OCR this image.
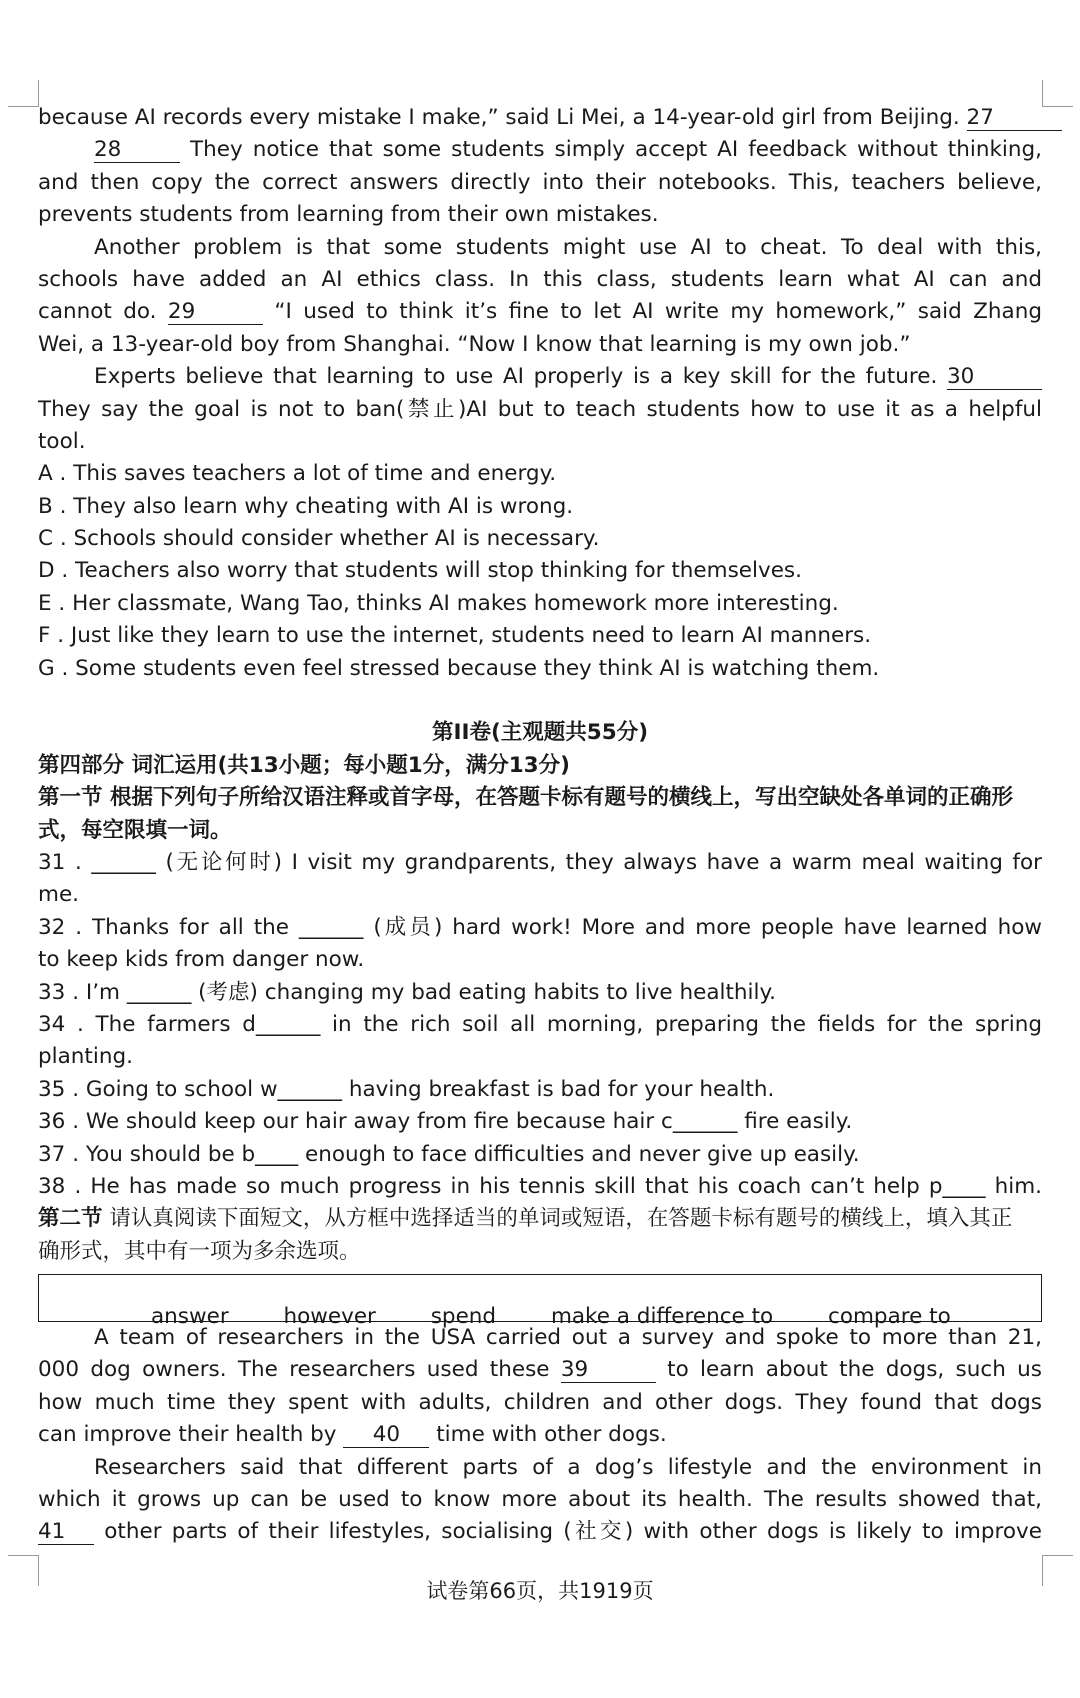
because AI records every mistake I make,” said Li Mei, a 14-year-old girl from Beijing. 27
28	They notice that some students simply accept AI feedback without thinking,
and then copy the correct answers directly into their notebooks. This, teachers believe,
prevents students from learning from their own mistakes.
Another problem is that some students might use AI to cheat. To deal with this,
schools have added an AI ethics class. In this class, students learn what AI can and
cannot do. 29	“I used to think it’s fine to let AI write my homework,” said Zhang
Wei, a 13-year-old boy from Shanghai. “Now I know that learning is my own job.”
Experts believe that learning to use AI properly is a key skill for the future. 30
They say the goal is not to ban(禁止)AI but to teach students how to use it as a helpful
tool.
A . This saves teachers a lot of time and energy.
B . They also learn why cheating with AI is wrong.
C . Schools should consider whether AI is necessary.
D . Teachers also worry that students will stop thinking for themselves.
E . Her classmate, Wang Tao, thinks AI makes homework more interesting.
F . Just like they learn to use the internet, students need to learn AI manners.
G . Some students even feel stressed because they think AI is watching them.
第II卷(主观题共55分)
第四部分 词汇运用(共13小题；每小题1分，满分13分)
第一节 根据下列句子所给汉语注释或首字母，在答题卡标有题号的横线上，写出空缺处各单词的正确形
式，每空限填一词。
31 . ______ (无论何时) I visit my grandparents, they always have a warm meal waiting for
me.
32 . Thanks for all the ______ (成员) hard work! More and more people have learned how
to keep kids from danger now.
33 . I’m ______ (考虑) changing my bad eating habits to live healthily.
34 . The farmers d______ in the rich soil all morning, preparing the fields for the spring
planting.
35 . Going to school w______ having breakfast is bad for your health.
36 . We should keep our hair away from fire because hair c______ fire easily.
37 . You should be b____ enough to face difficulties and never give up easily.
38 . He has made so much progress in his tennis skill that his coach can’t help p____ him.
第二节 请认真阅读下面短文，从方框中选择适当的单词或短语，在答题卡标有题号的横线上，填入其正
确形式，其中有一项为多余选项。
answer	however	spend	make a difference to	compare to
A team of researchers in the USA carried out a survey and spoke to more than 21,
000 dog owners. The researchers used these 39	to learn about the dogs, such us
how much time they spent with adults, children and other dogs. They found that dogs
can improve their health by 40 time with other dogs.
Researchers said that different parts of a dog’s lifestyle and the environment in
which it grows up can be used to know more about its health. The results showed that,
41 other parts of their lifestyles, socialising (社交) with other dogs is likely to improve
试卷第66页，共1919页
